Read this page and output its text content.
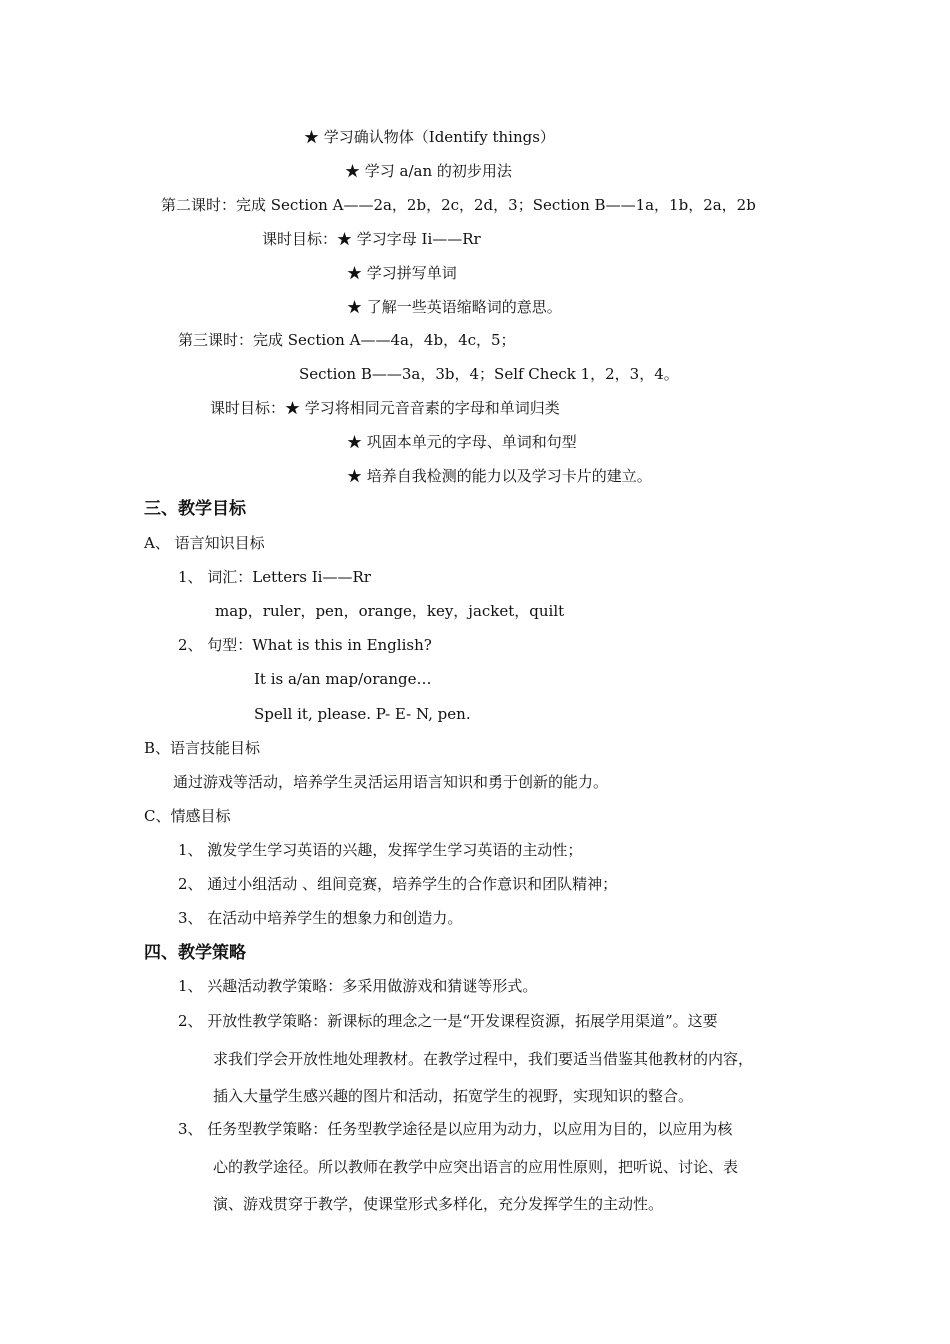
★ 学习确认物体（Identify things）
★ 学习 a/an 的初步用法
第二课时：完成 Section A——2a，2b，2c，2d，3；Section B——1a，1b，2a，2b
课时目标：★ 学习字母 Ii——Rr
★ 学习拼写单词
★ 了解一些英语缩略词的意思。
第三课时：完成 Section A——4a，4b，4c，5；
Section B——3a，3b，4；Self Check 1，2，3，4。
课时目标：★ 学习将相同元音音素的字母和单词归类
★ 巩固本单元的字母、单词和句型
★ 培养自我检测的能力以及学习卡片的建立。
三、教学目标
A、 语言知识目标
1、 词汇：Letters Ii——Rr
map，ruler，pen，orange，key，jacket，quilt
2、 句型：What is this in English?
It is a/an map/orange…
Spell it, please. P- E- N, pen.
B、语言技能目标
通过游戏等活动，培养学生灵活运用语言知识和勇于创新的能力。
C、情感目标
1、 激发学生学习英语的兴趣，发挥学生学习英语的主动性；
2、 通过小组活动 、组间竞赛，培养学生的合作意识和团队精神；
3、 在活动中培养学生的想象力和创造力。
四、教学策略
1、 兴趣活动教学策略：多采用做游戏和猜谜等形式。
2、 开放性教学策略：新课标的理念之一是“开发课程资源，拓展学用渠道”。这要
求我们学会开放性地处理教材。在教学过程中，我们要适当借鉴其他教材的内容，
插入大量学生感兴趣的图片和活动，拓宽学生的视野，实现知识的整合。
3、 任务型教学策略：任务型教学途径是以应用为动力，以应用为目的，以应用为核
心的教学途径。所以教师在教学中应突出语言的应用性原则，把听说、讨论、表
演、游戏贯穿于教学，使课堂形式多样化，充分发挥学生的主动性。
